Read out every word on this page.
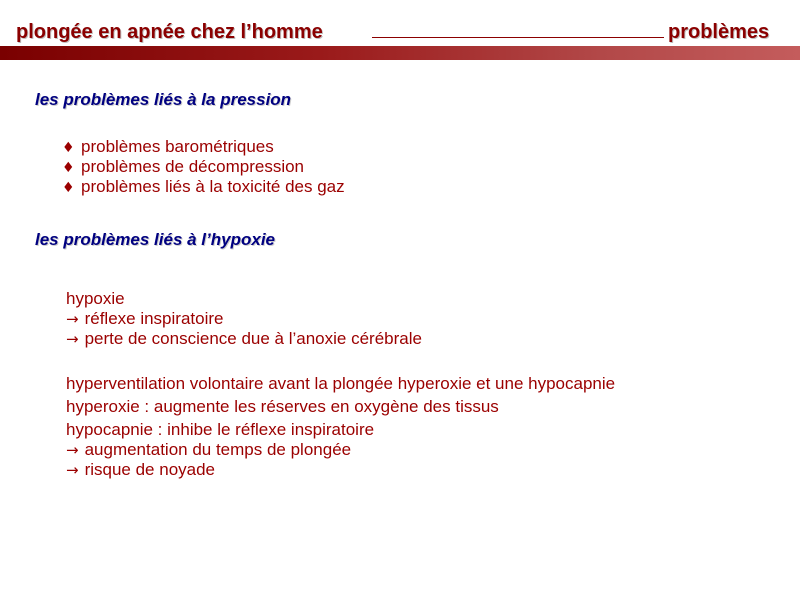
plongée en apnée chez l’homme	problèmes
les problèmes liés à la pression
♦ problèmes barométriques
♦ problèmes de décompression
♦ problèmes liés à la toxicité des gaz
les problèmes liés à l’hypoxie
hypoxie
→ réflexe inspiratoire
→ perte de conscience due à l’anoxie cérébrale
hyperventilation volontaire avant la plongée hyperoxie et une hypocapnie
hyperoxie : augmente les réserves en oxygène des tissus
hypocapnie : inhibe le réflexe inspiratoire
→ augmentation du temps de plongée
→ risque de noyade
